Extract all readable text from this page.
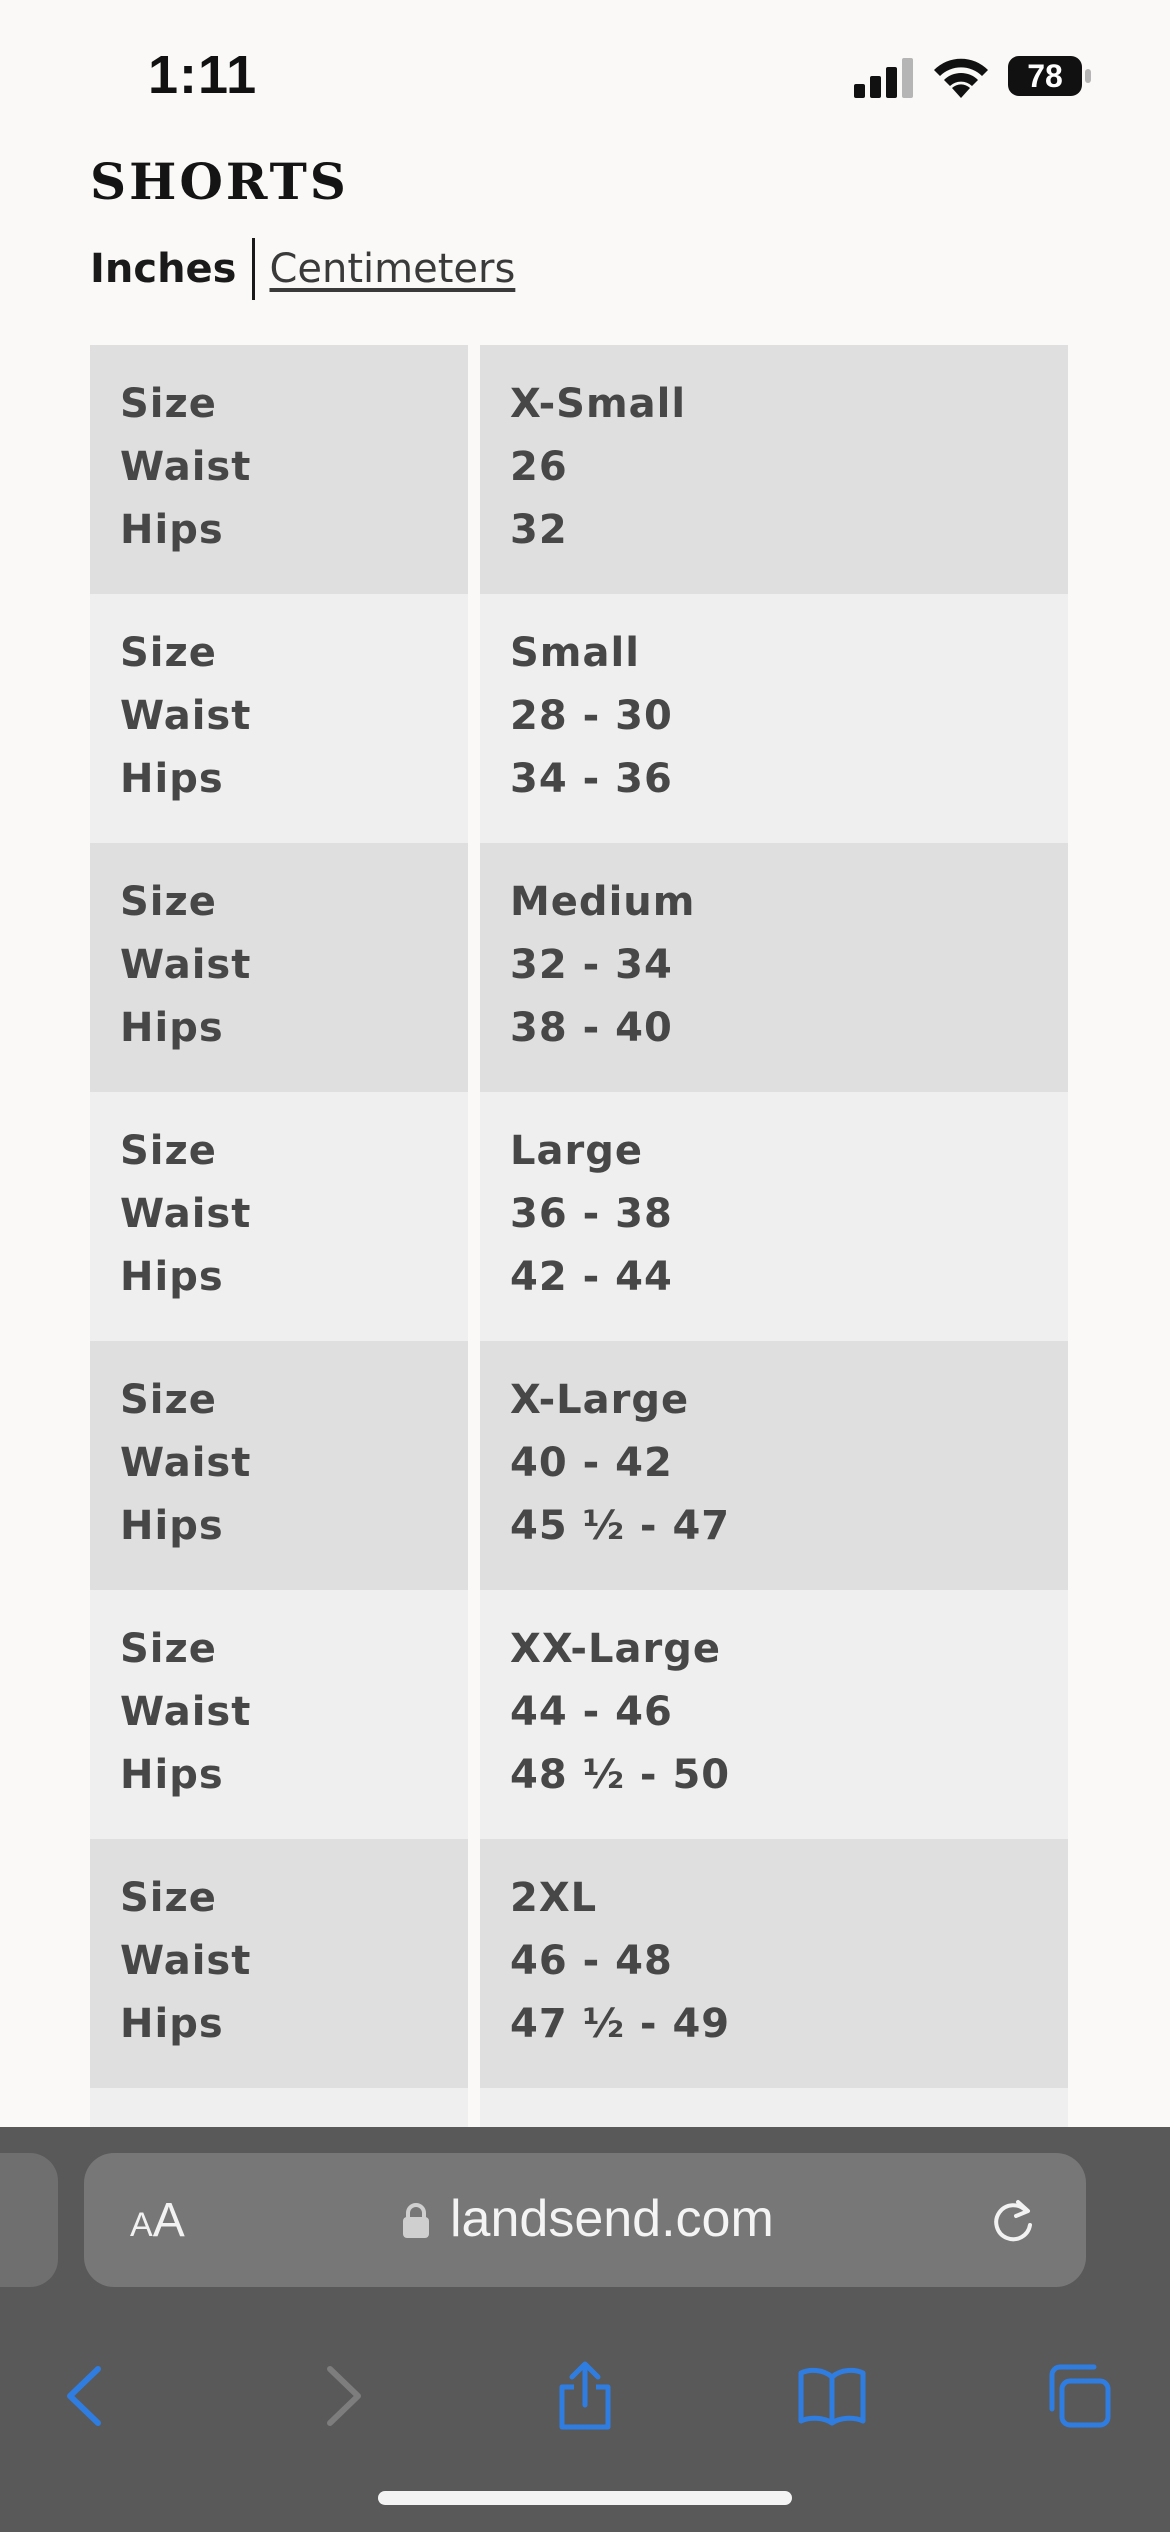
1:11	78
SHORTS
Inches Centimeters
Size
Waist
Hips
X-Small
26
32
Size
Waist
Hips
Small
28 - 30
34 - 36
Size
Waist
Hips
Medium
32 - 34
38 - 40
Size
Waist
Hips
Large
36 - 38
42 - 44
Size
Waist
Hips
X-Large
40 - 42
45 ½ - 47
Size
Waist
Hips
XX-Large
44 - 46
48 ½ - 50
Size
Waist
Hips
2XL
46 - 48
47 ½ - 49
AA	landsend.com
